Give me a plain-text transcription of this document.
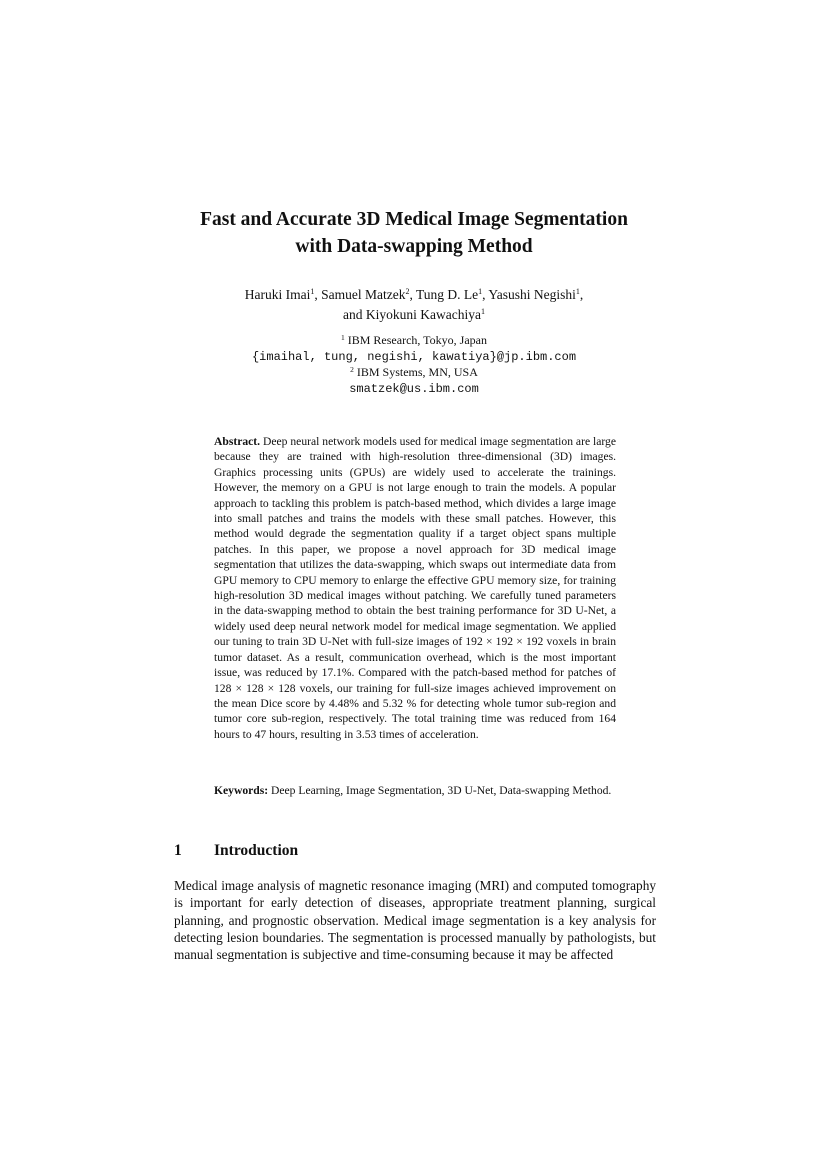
Fast and Accurate 3D Medical Image Segmentation
with Data-swapping Method
Haruki Imai$^1$, Samuel Matzek$^2$, Tung D. Le$^1$, Yasushi Negishi$^1$,
and Kiyokuni Kawachiya$^1$
$^1$ IBM Research, Tokyo, Japan
{imaihal, tung, negishi, kawatiya}@jp.ibm.com
$^2$ IBM Systems, MN, USA
smatzek@us.ibm.com

Abstract. Deep neural network models used for medical image segmentation are large because they are trained with high-resolution three-dimensional (3D) images. Graphics processing units (GPUs) are widely used to accelerate the trainings. However, the memory on a GPU is not large enough to train the models. A popular approach to tackling this problem is patch-based method, which divides a large image into small patches and trains the models with these small patches. However, this method would degrade the segmentation quality if a target object spans multiple patches. In this paper, we propose a novel approach for 3D medical image segmentation that utilizes the data-swapping, which swaps out intermediate data from GPU memory to CPU memory to enlarge the effective GPU memory size, for training high-resolution 3D medical images without patching. We carefully tuned parameters in the data-swapping method to obtain the best training performance for 3D U-Net, a widely used deep neural network model for medical image segmentation. We applied our tuning to train 3D U-Net with full-size images of 192 × 192 × 192 voxels in brain tumor dataset. As a result, communication overhead, which is the most important issue, was reduced by 17.1%. Compared with the patch-based method for patches of 128 × 128 × 128 voxels, our training for full-size images achieved improvement on the mean Dice score by 4.48% and 5.32 % for detecting whole tumor sub-region and tumor core sub-region, respectively. The total training time was reduced from 164 hours to 47 hours, resulting in 3.53 times of acceleration.

Keywords: Deep Learning, Image Segmentation, 3D U-Net, Data-swapping Method.

1 Introduction

Medical image analysis of magnetic resonance imaging (MRI) and computed tomography is important for early detection of diseases, appropriate treatment planning, surgical planning, and prognostic observation. Medical image segmentation is a key analysis for detecting lesion boundaries. The segmentation is processed manually by pathologists, but manual segmentation is subjective and time-consuming because it may be affected
